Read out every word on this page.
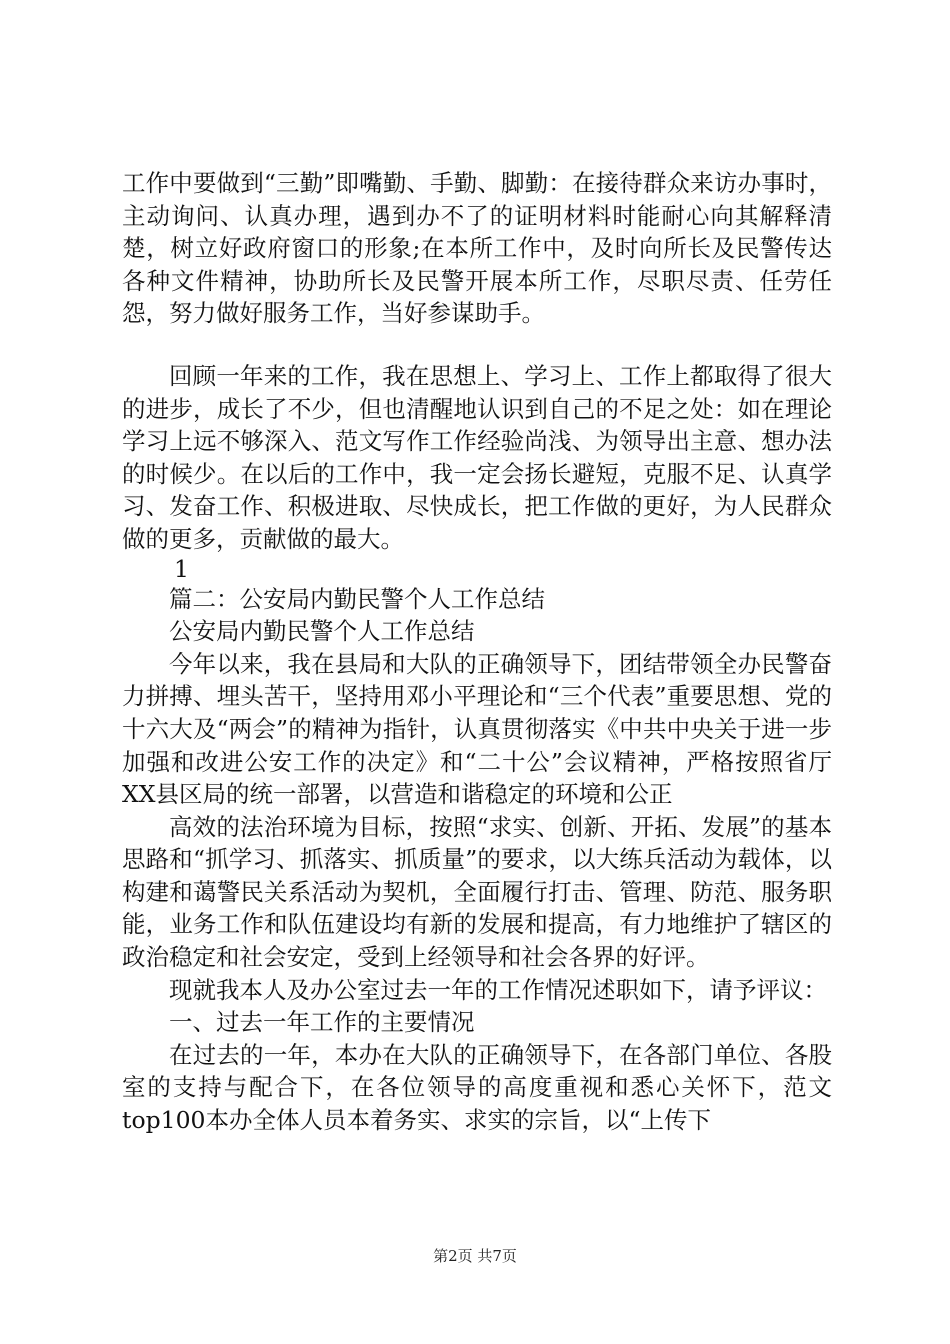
工作中要做到“三勤”即嘴勤、手勤、脚勤：在接待群众来访办事时，主动询问、认真办理，遇到办不了的证明材料时能耐心向其解释清楚，树立好政府窗口的形象;在本所工作中，及时向所长及民警传达各种文件精神，协助所长及民警开展本所工作，尽职尽责、任劳任怨，努力做好服务工作，当好参谋助手。

回顾一年来的工作，我在思想上、学习上、工作上都取得了很大的进步，成长了不少，但也清醒地认识到自己的不足之处：如在理论学习上远不够深入、范文写作工作经验尚浅、为领导出主意、想办法的时候少。在以后的工作中，我一定会扬长避短，克服不足、认真学习、发奋工作、积极进取、尽快成长，把工作做的更好，为人民群众做的更多，贡献做的最大。

1

篇二：公安局内勤民警个人工作总结

公安局内勤民警个人工作总结

今年以来，我在县局和大队的正确领导下，团结带领全办民警奋力拼搏、埋头苦干，坚持用邓小平理论和“三个代表”重要思想、党的十六大及“两会”的精神为指针，认真贯彻落实《中共中央关于进一步加强和改进公安工作的决定》和“二十公”会议精神，严格按照省厅XX县区局的统一部署，以营造和谐稳定的环境和公正

高效的法治环境为目标，按照“求实、创新、开拓、发展”的基本思路和“抓学习、抓落实、抓质量”的要求，以大练兵活动为载体，以构建和蔼警民关系活动为契机，全面履行打击、管理、防范、服务职能，业务工作和队伍建设均有新的发展和提高，有力地维护了辖区的政治稳定和社会安定，受到上经领导和社会各界的好评。

现就我本人及办公室过去一年的工作情况述职如下，请予评议：

一、过去一年工作的主要情况

在过去的一年，本办在大队的正确领导下，在各部门单位、各股室的支持与配合下，在各位领导的高度重视和悉心关怀下，范文top100本办全体人员本着务实、求实的宗旨，以“上传下

第2页 共7页
